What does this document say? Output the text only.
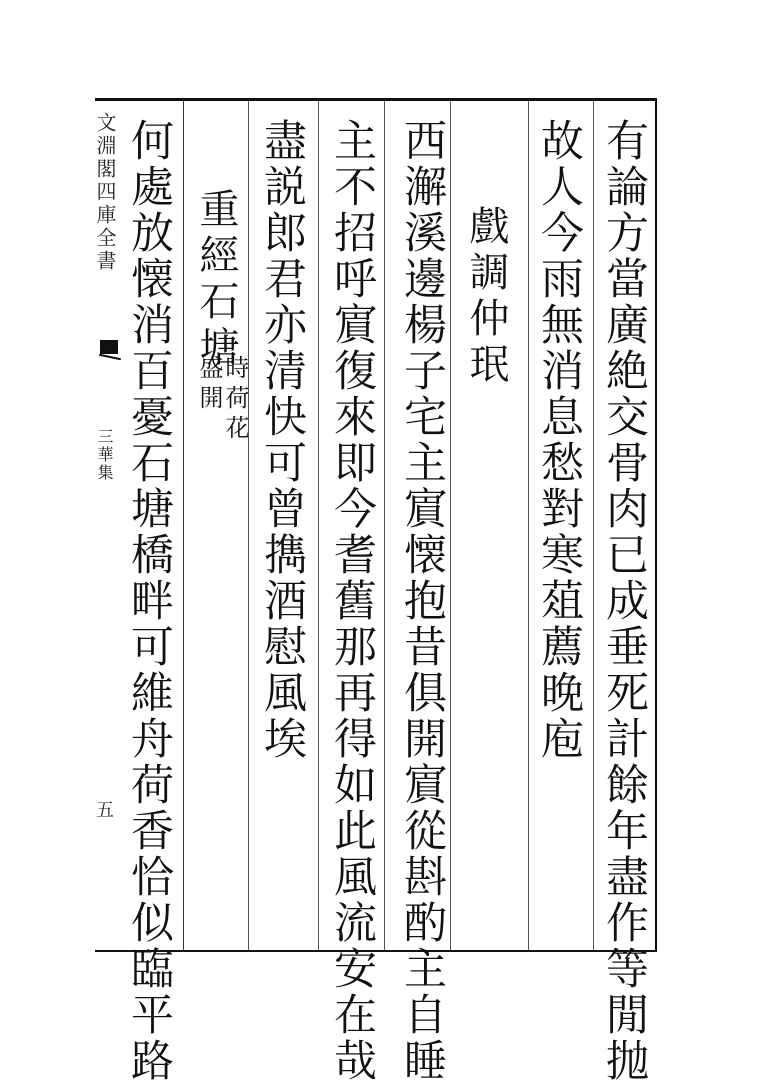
文淵閣四庫全書
三華集
五	有論方當廣絶交骨肉已成垂死計餘年盡作等閒抛
故人今雨無消息愁對寒葅薦晚庖
戲調仲珉
西澥溪邊楊子宅主賔懐抱昔俱開賔從斟酌主自睡
主不招呼賔復來即今耆舊那再得如此風流安在哉
盡説郎君亦清快可曾擕酒慰風埃
重經石塘
時荷花
盛開
何處放懐消百憂石塘橋畔可維舟荷香恰似臨平路
